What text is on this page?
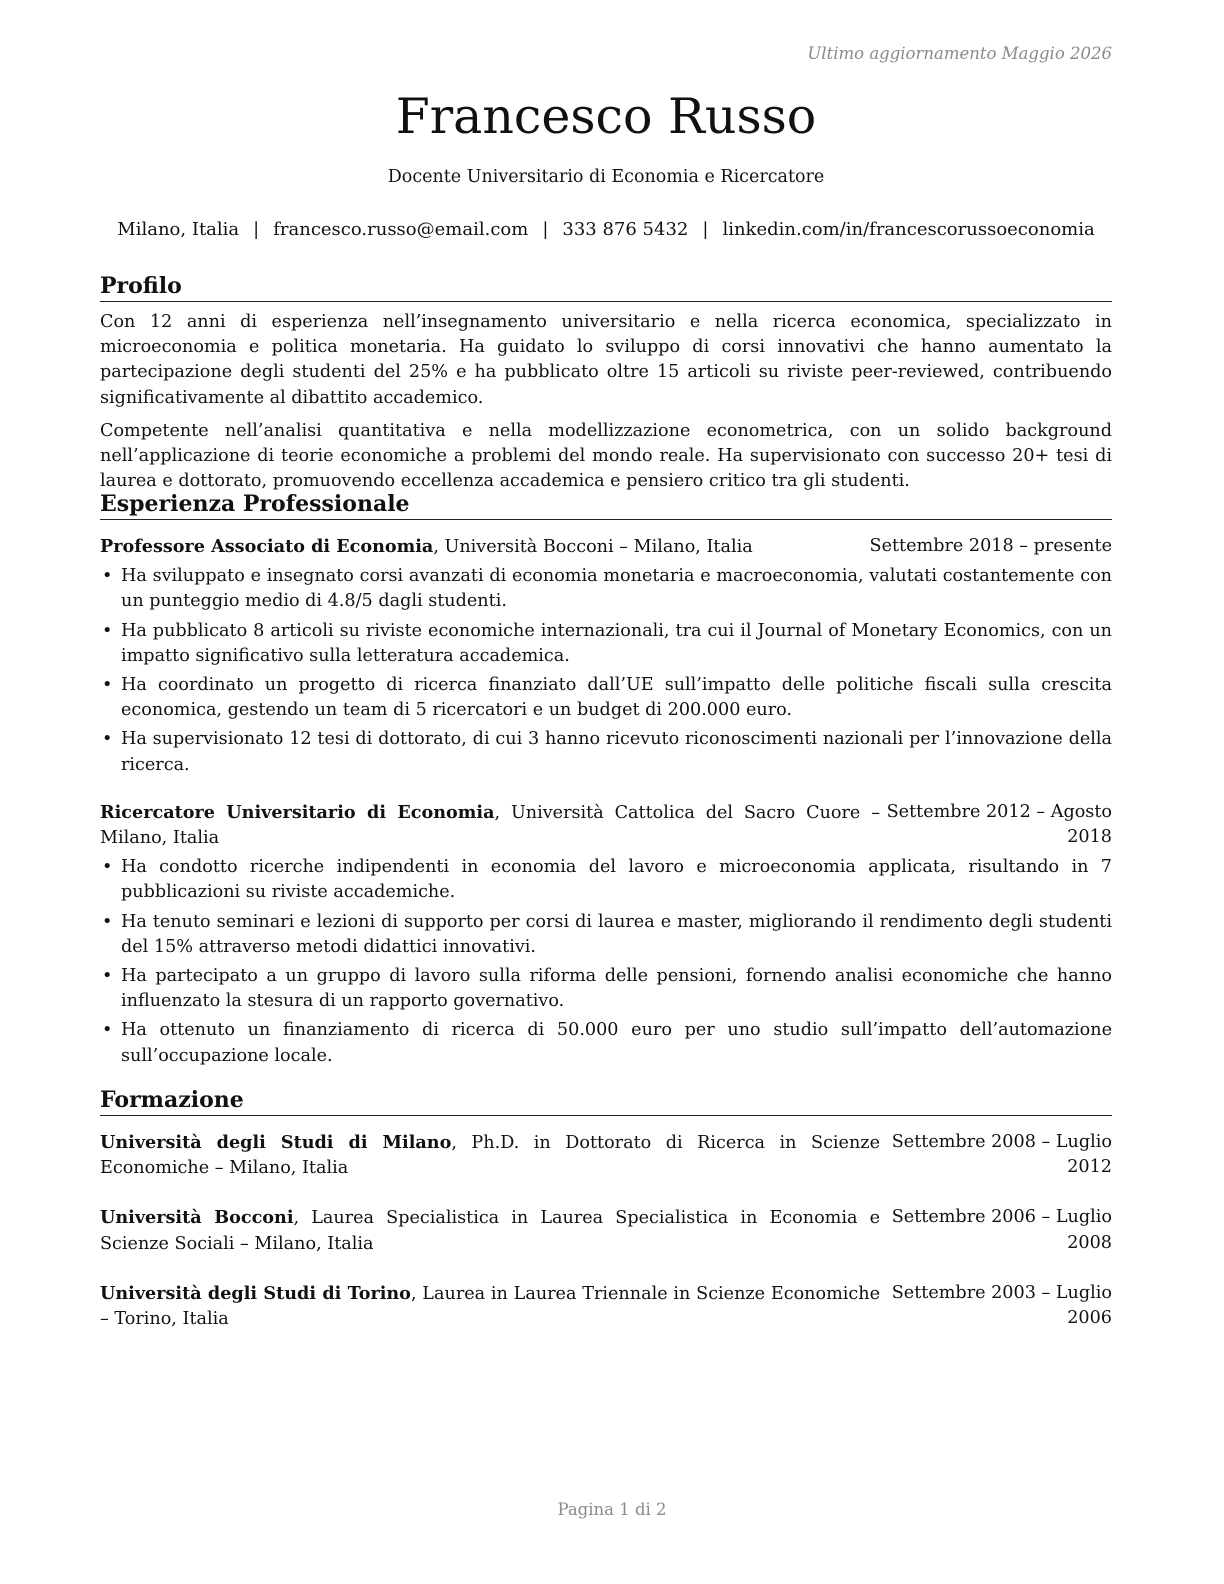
Ultimo aggiornamento Maggio 2026
Francesco Russo
Docente Universitario di Economia e Ricercatore
Milano, Italia | francesco.russo@email.com | 333 876 5432 | linkedin.com/in/francescorussoeconomia
Profilo

Con 12 anni di esperienza nell’insegnamento universitario e nella ricerca economica, specializzato in microeconomia e politica monetaria. Ha guidato lo sviluppo di corsi innovativi che hanno aumentato la partecipazione degli studenti del 25% e ha pubblicato oltre 15 articoli su riviste peer-reviewed, contribuendo significativamente al dibattito accademico.

Competente nell’analisi quantitativa e nella modellizzazione econometrica, con un solido background nell’applicazione di teorie economiche a problemi del mondo reale. Ha supervisionato con successo 20+ tesi di laurea e dottorato, promuovendo eccellenza accademica e pensiero critico tra gli studenti.

Esperienza Professionale
Professore Associato di Economia, Università Bocconi – Milano, Italia	Settembre 2018 – presente
• Ha sviluppato e insegnato corsi avanzati di economia monetaria e macroeconomia, valutati costantemente con un punteggio medio di 4.8/5 dagli studenti.
• Ha pubblicato 8 articoli su riviste economiche internazionali, tra cui il Journal of Monetary Economics, con un impatto significativo sulla letteratura accademica.
• Ha coordinato un progetto di ricerca finanziato dall’UE sull’impatto delle politiche fiscali sulla crescita economica, gestendo un team di 5 ricercatori e un budget di 200.000 euro.
• Ha supervisionato 12 tesi di dottorato, di cui 3 hanno ricevuto riconoscimenti nazionali per l’innovazione della ricerca.
Ricercatore Universitario di Economia, Università Cattolica del Sacro Cuore – Milano, Italia
Settembre 2012 – Agosto 2018
• Ha condotto ricerche indipendenti in economia del lavoro e microeconomia applicata, risultando in 7 pubblicazioni su riviste accademiche.
• Ha tenuto seminari e lezioni di supporto per corsi di laurea e master, migliorando il rendimento degli studenti del 15% attraverso metodi didattici innovativi.
• Ha partecipato a un gruppo di lavoro sulla riforma delle pensioni, fornendo analisi economiche che hanno influenzato la stesura di un rapporto governativo.
• Ha ottenuto un finanziamento di ricerca di 50.000 euro per uno studio sull’impatto dell’automazione sull’occupazione locale.
Formazione
Università degli Studi di Milano, Ph.D. in Dottorato di Ricerca in Scienze Economiche – Milano, Italia
Settembre 2008 – Luglio 2012
Università Bocconi, Laurea Specialistica in Laurea Specialistica in Economia e Scienze Sociali – Milano, Italia
Settembre 2006 – Luglio 2008
Università degli Studi di Torino, Laurea in Laurea Triennale in Scienze Economiche – Torino, Italia
Settembre 2003 – Luglio 2006
Pagina 1 di 2
